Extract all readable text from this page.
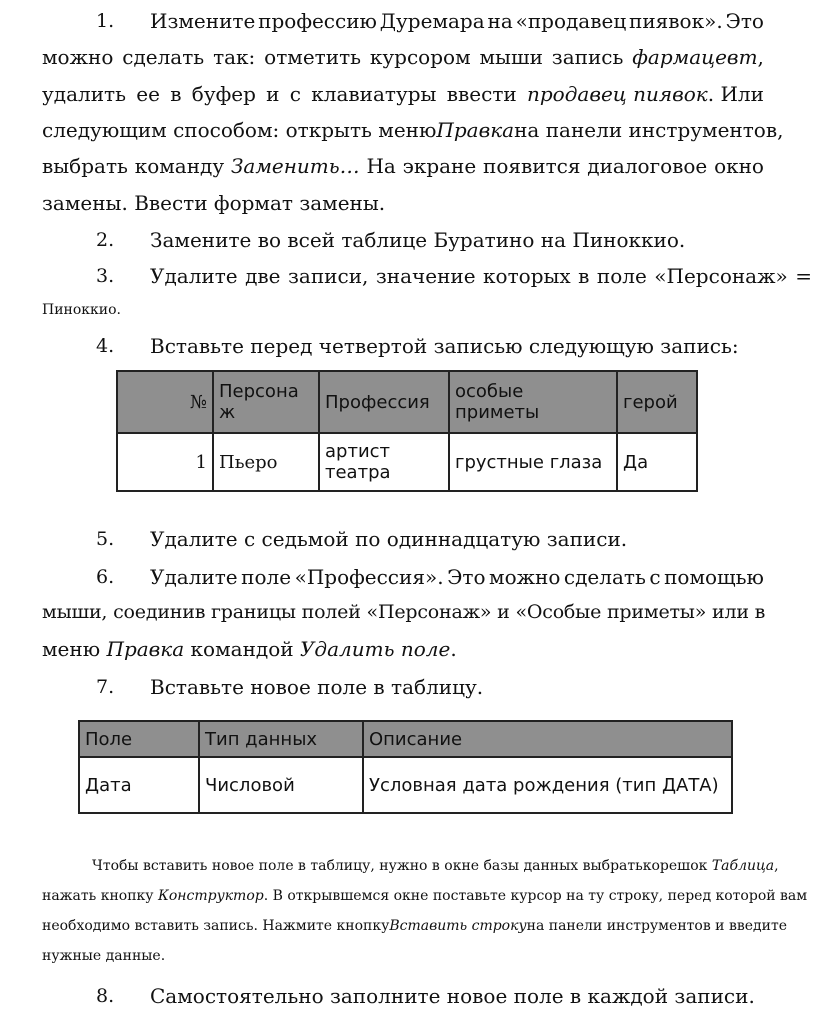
1. Измените профессию Дуремара на «продавец пиявок». Это
можно сделать так: отметить курсором мыши запись фармацевт,
удалить ее в буфер и с клавиатуры ввести продавец пиявок. Или
следующим способом: открыть меню Правка на панели инструментов,
выбрать команду Заменить… На экране появится диалоговое окно
замены. Ввести формат замены.
2. Замените во всей таблице Буратино на Пиноккио.
3. Удалите две записи, значение которых в поле «Персонаж» =
Пиноккио.
4. Вставьте перед четвертой записью следующую запись:
№	Персона ж	Профессия	особые приметы	герой
1	Пьеро	артист театра	грустные глаза	Да
5. Удалите с седьмой по одиннадцатую записи.
6. Удалите поле «Профессия». Это можно сделать с помощью
мыши, соединив границы полей «Персонаж» и «Особые приметы» или в
меню Правка командой Удалить поле.
7. Вставьте новое поле в таблицу.
Поле	Тип данных	Описание
Дата	Числовой	Условная дата рождения (тип ДАТА)
Чтобы вставить новое поле в таблицу, нужно в окне базы данных выбратькорешок Таблица,
нажать кнопку Конструктор. В открывшемся окне поставьте курсор на ту строку, перед которой вам
необходимо вставить запись. Нажмите кнопку Вставить строку на панели инструментов и введите
нужные данные.
8. Самостоятельно заполните новое поле в каждой записи.
